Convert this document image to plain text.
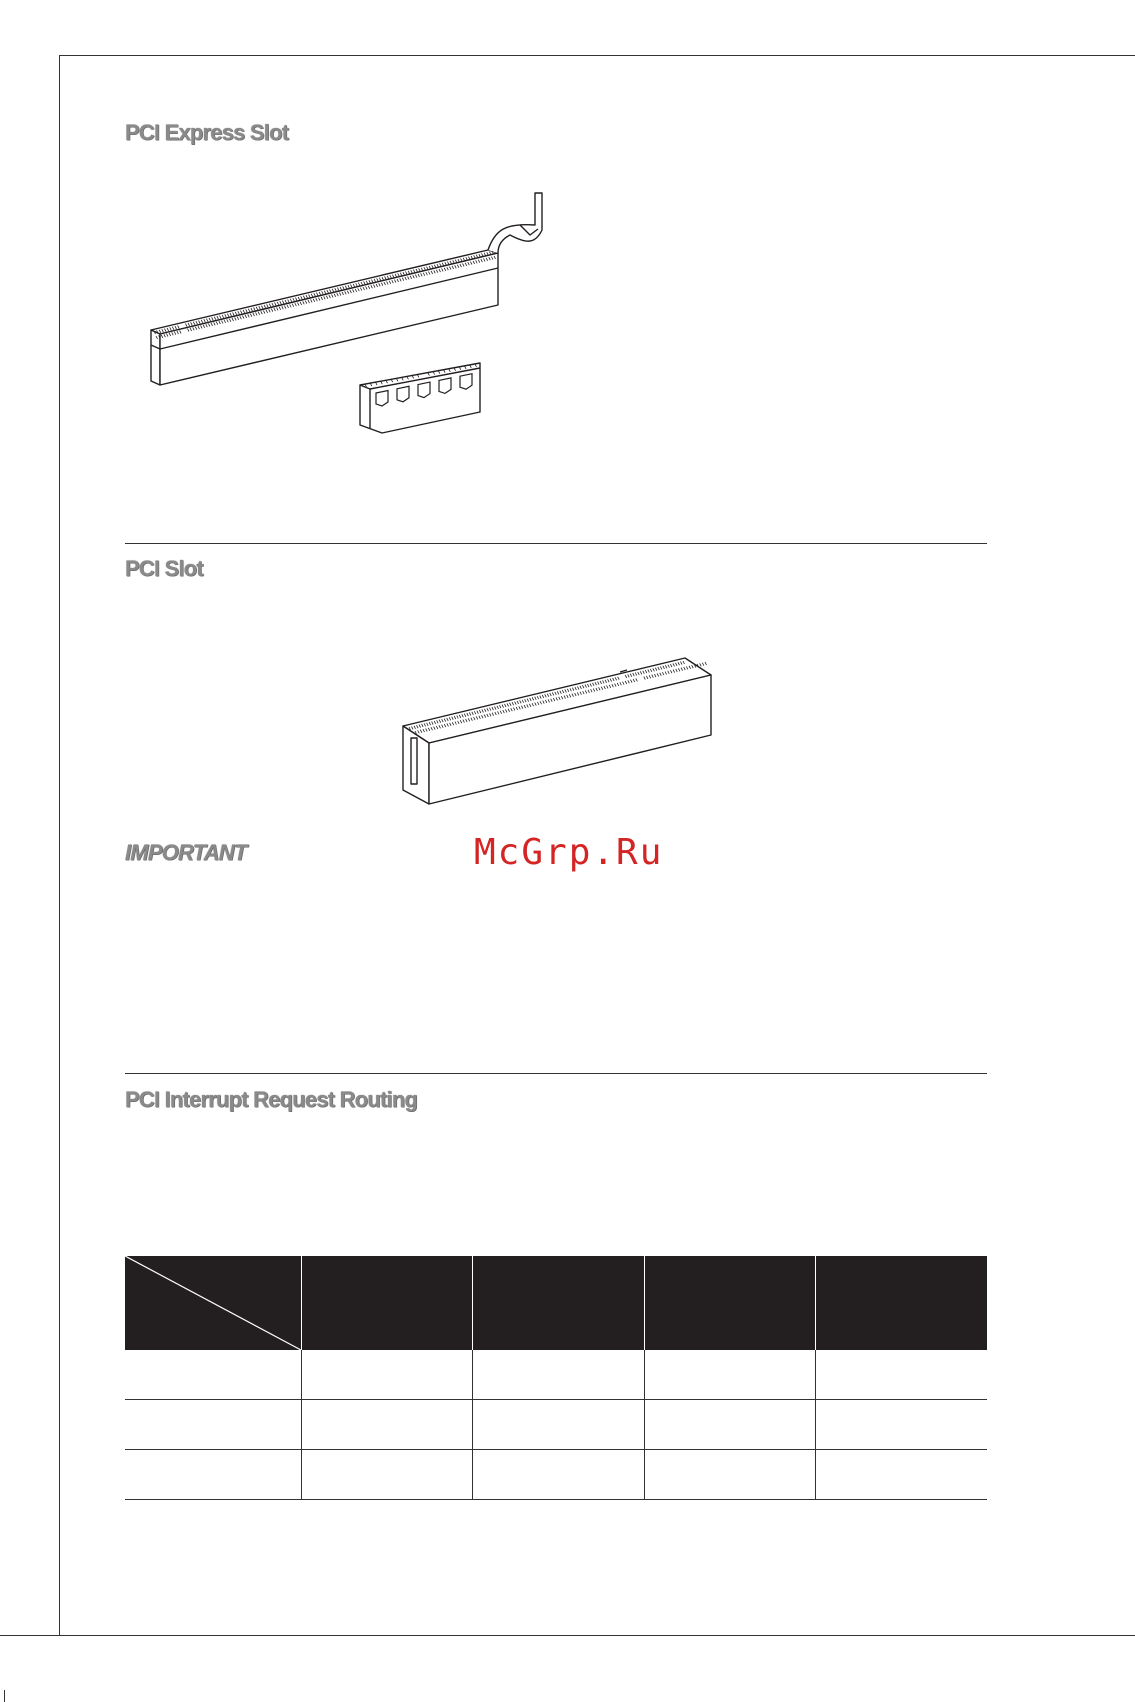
PCI Express Slot
PCI Slot
IMPORTANT	McGrp.Ru

PCI Interrupt Request Routing
